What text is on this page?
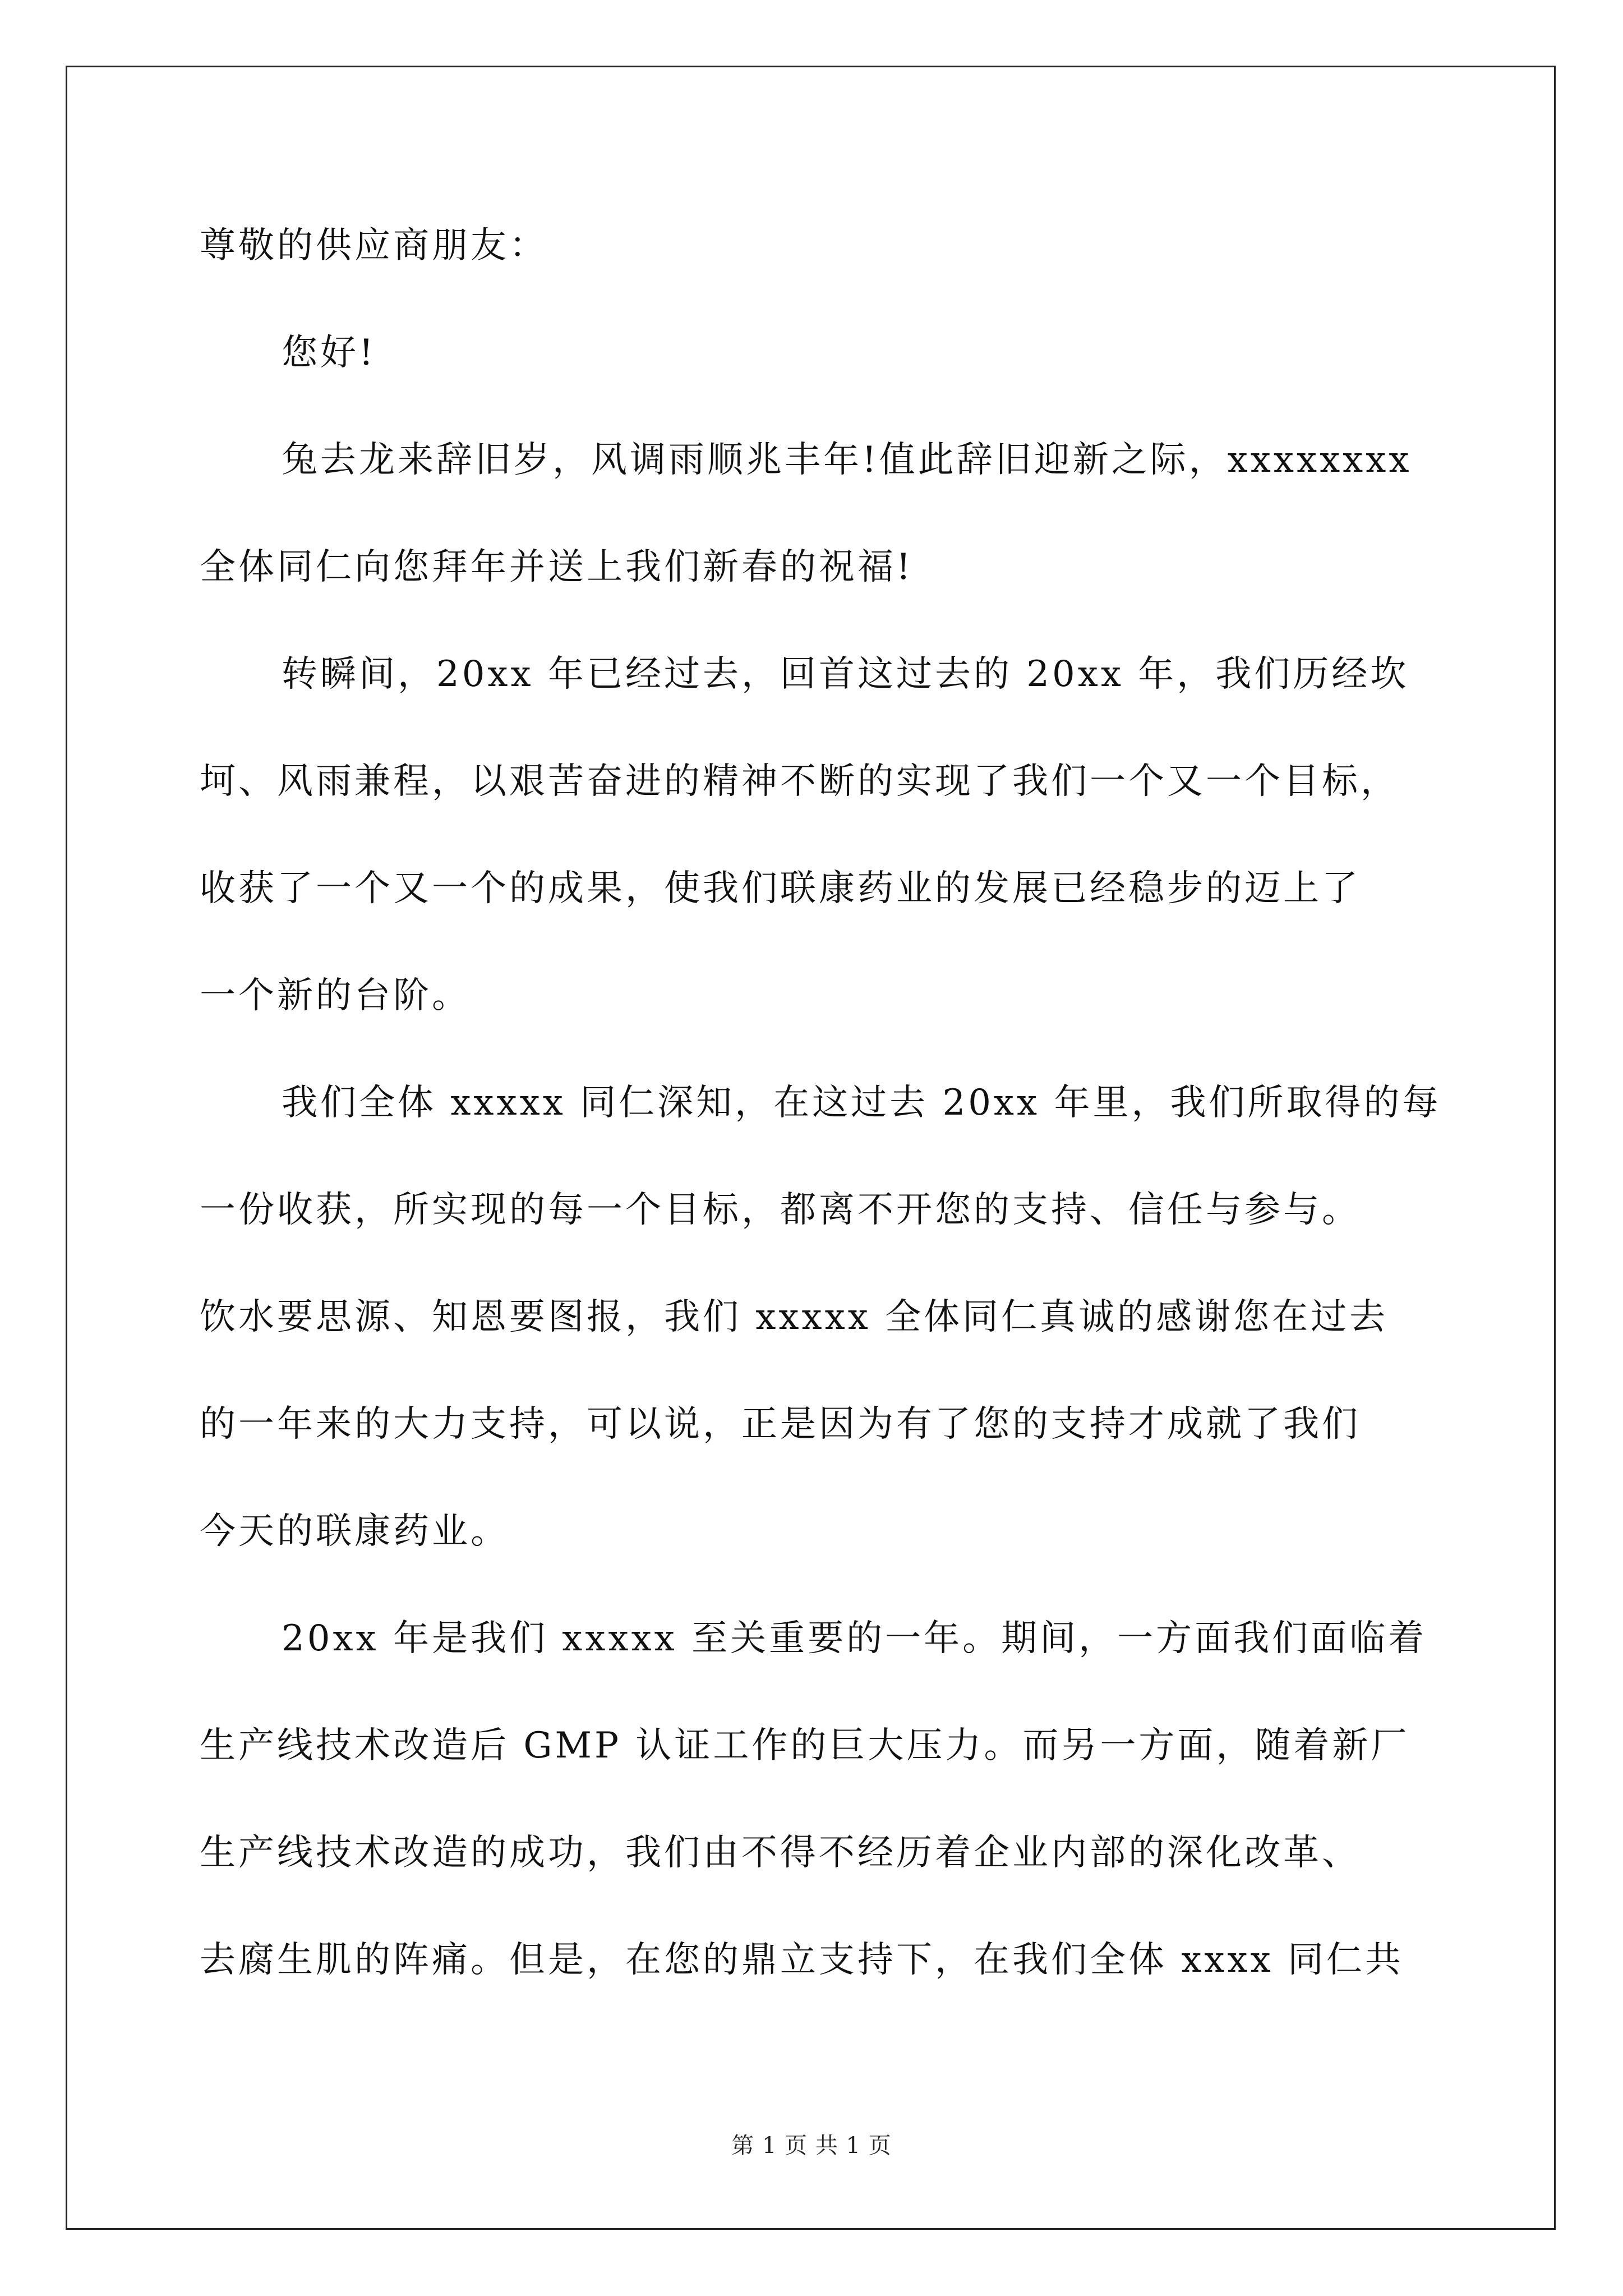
尊敬的供应商朋友：
您好!
兔去龙来辞旧岁，风调雨顺兆丰年!值此辞旧迎新之际，xxxxxxxx
全体同仁向您拜年并送上我们新春的祝福!
转瞬间，20xx 年已经过去，回首这过去的 20xx 年，我们历经坎
坷、风雨兼程，以艰苦奋进的精神不断的实现了我们一个又一个目标，
收获了一个又一个的成果，使我们联康药业的发展已经稳步的迈上了
一个新的台阶。
我们全体 xxxxx 同仁深知，在这过去 20xx 年里，我们所取得的每
一份收获，所实现的每一个目标，都离不开您的支持、信任与参与。
饮水要思源、知恩要图报，我们 xxxxx 全体同仁真诚的感谢您在过去
的一年来的大力支持，可以说，正是因为有了您的支持才成就了我们
今天的联康药业。
20xx 年是我们 xxxxx 至关重要的一年。期间，一方面我们面临着
生产线技术改造后 GMP 认证工作的巨大压力。而另一方面，随着新厂
生产线技术改造的成功，我们由不得不经历着企业内部的深化改革、
去腐生肌的阵痛。但是，在您的鼎立支持下，在我们全体 xxxx 同仁共
第 1 页 共 1 页
